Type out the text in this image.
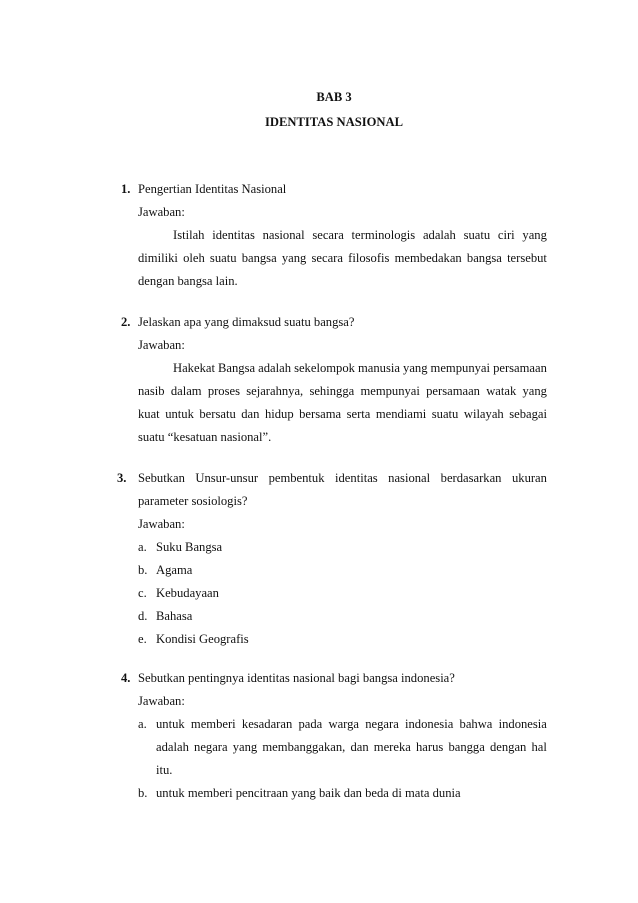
BAB 3
IDENTITAS NASIONAL
1. Pengertian Identitas Nasional
Jawaban:
Istilah identitas nasional secara terminologis adalah suatu ciri yang
dimiliki oleh suatu bangsa yang secara filosofis membedakan bangsa tersebut
dengan bangsa lain.
2. Jelaskan apa yang dimaksud suatu bangsa?
Jawaban:
Hakekat Bangsa adalah sekelompok manusia yang mempunyai persamaan
nasib dalam proses sejarahnya, sehingga mempunyai persamaan watak yang
kuat untuk bersatu dan hidup bersama serta mendiami suatu wilayah sebagai
suatu “kesatuan nasional”.
3. Sebutkan Unsur-unsur pembentuk identitas nasional berdasarkan ukuran
parameter sosiologis?
Jawaban:
a. Suku Bangsa
b. Agama
c. Kebudayaan
d. Bahasa
e. Kondisi Geografis
4. Sebutkan pentingnya identitas nasional bagi bangsa indonesia?
Jawaban:
a. untuk memberi kesadaran pada warga negara indonesia bahwa indonesia
adalah negara yang membanggakan, dan mereka harus bangga dengan hal
itu.
b. untuk memberi pencitraan yang baik dan beda di mata dunia
